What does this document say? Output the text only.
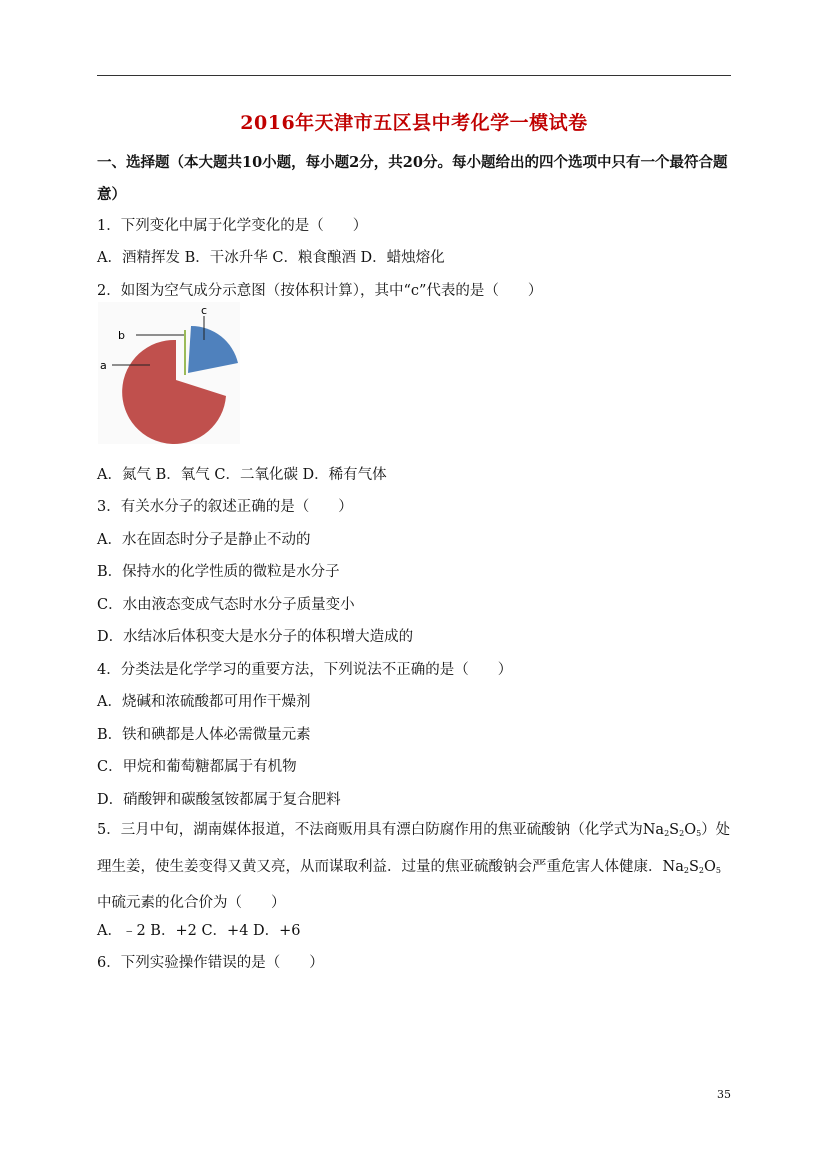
2016年天津市五区县中考化学一模试卷
一、选择题（本大题共10小题，每小题2分，共20分。每小题给出的四个选项中只有一个最符合题意）
1．下列变化中属于化学变化的是（　　）
A．酒精挥发 B．干冰升华 C．粮食酿酒 D．蜡烛熔化
2．如图为空气成分示意图（按体积计算），其中“c”代表的是（　　）
c
b
a
A．氮气 B．氧气 C．二氧化碳 D．稀有气体
3．有关水分子的叙述正确的是（　　）
A．水在固态时分子是静止不动的
B．保持水的化学性质的微粒是水分子
C．水由液态变成气态时水分子质量变小
D．水结冰后体积变大是水分子的体积增大造成的
4．分类法是化学学习的重要方法，下列说法不正确的是（　　）
A．烧碱和浓硫酸都可用作干燥剂
B．铁和碘都是人体必需微量元素
C．甲烷和葡萄糖都属于有机物
D．硝酸钾和碳酸氢铵都属于复合肥料
5．三月中旬，湖南媒体报道，不法商贩用具有漂白防腐作用的焦亚硫酸钠（化学式为$Na_2S_2O_5$）处理生姜，使生姜变得又黄又亮，从而谋取利益．过量的焦亚硫酸钠会严重危害人体健康．$Na_2S_2O_5$中硫元素的化合价为（　　）
A．﹣2 B．+2 C．+4 D．+6
6．下列实验操作错误的是（　　）
35
